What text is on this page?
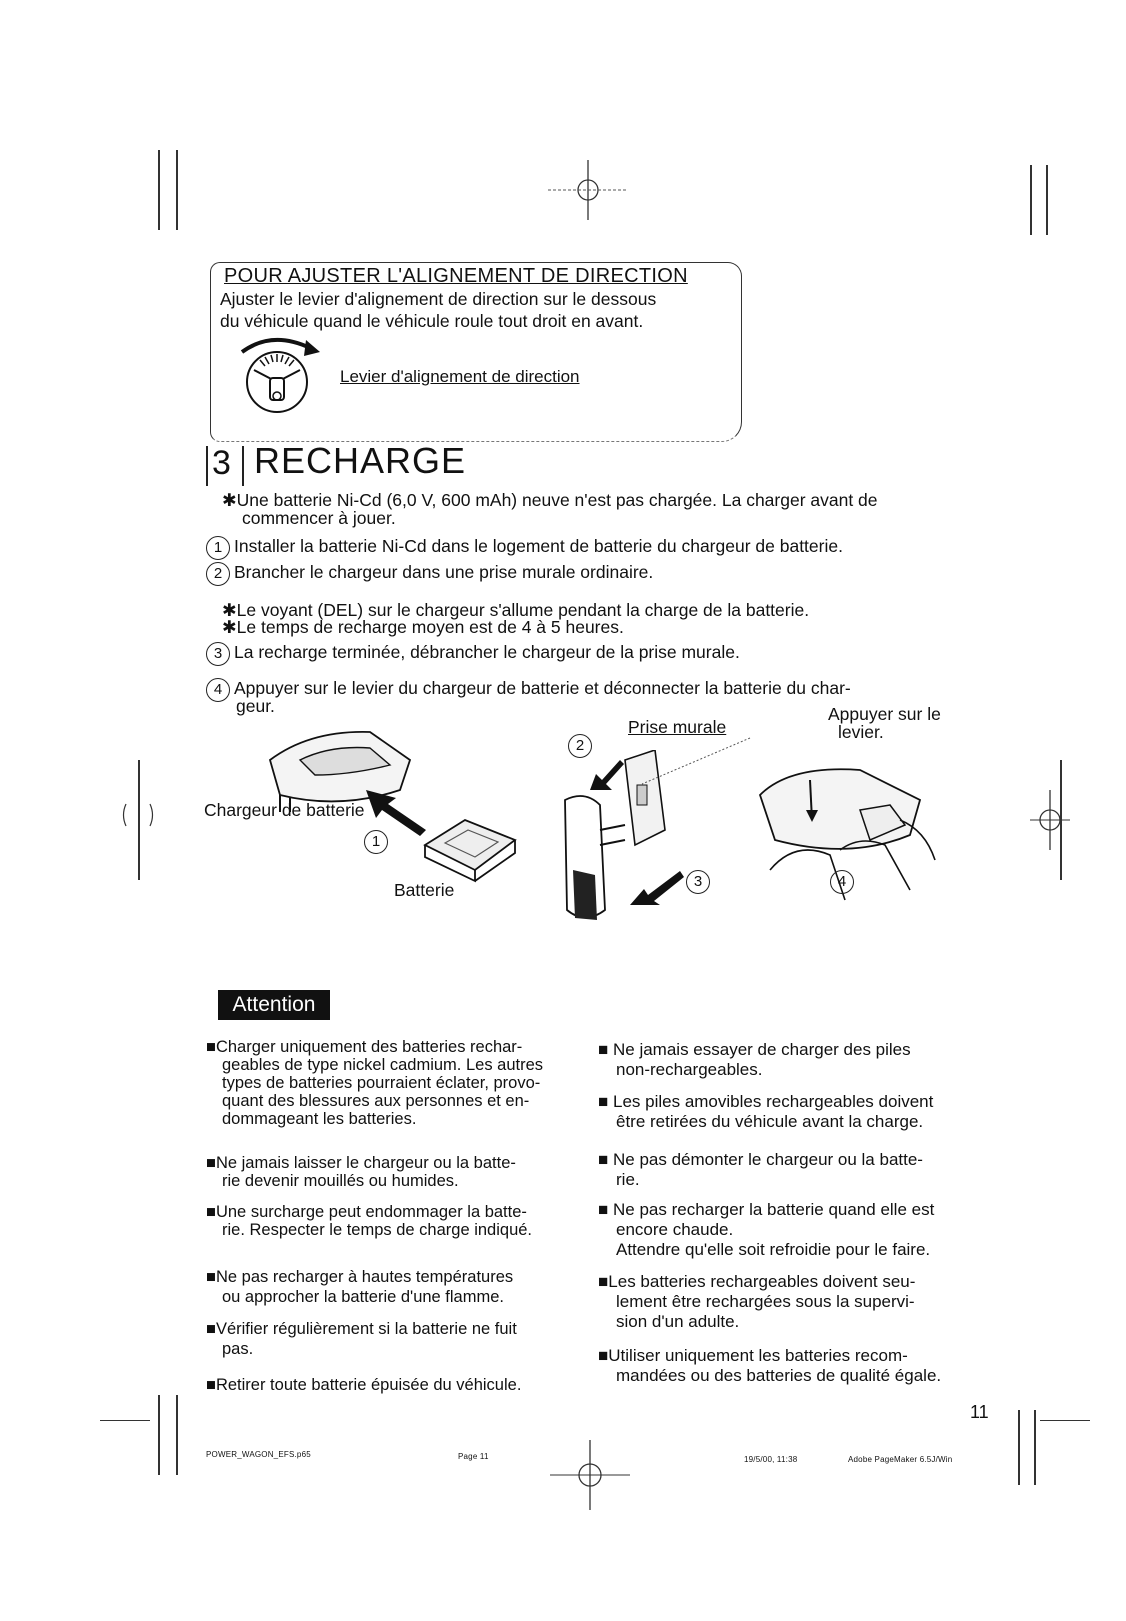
POUR AJUSTER L'ALIGNEMENT DE DIRECTION
Ajuster le levier d'alignement de direction sur le dessous
du véhicule quand le véhicule roule tout droit en avant.
Levier d'alignement de direction
3 RECHARGE
✱Une batterie Ni-Cd (6,0 V, 600 mAh) neuve n'est pas chargée. La charger avant de
commencer à jouer.
1 Installer la batterie Ni-Cd dans le logement de batterie du chargeur de batterie.
2 Brancher le chargeur dans une prise murale ordinaire.
✱Le voyant (DEL) sur le chargeur s'allume pendant la charge de la batterie.
✱Le temps de recharge moyen est de 4 à 5 heures.
3 La recharge terminée, débrancher le chargeur de la prise murale.
4 Appuyer sur le levier du chargeur de batterie et déconnecter la batterie du char-
geur.
Chargeur de batterie
1
Batterie
2
3
Prise murale
Appuyer sur le
levier.
4
Attention
■Charger uniquement des batteries rechar-
geables de type nickel cadmium. Les autres
types de batteries pourraient éclater, provo-
quant des blessures aux personnes et en-
dommageant les batteries.
■Ne jamais laisser le chargeur ou la batte-
rie devenir mouillés ou humides.
■Une surcharge peut endommager la batte-
rie. Respecter le temps de charge indiqué.
■Ne pas recharger à hautes températures
ou approcher la batterie d'une flamme.
■Vérifier régulièrement si la batterie ne fuit
pas.
■Retirer toute batterie épuisée du véhicule.
■ Ne jamais essayer de charger des piles
non-rechargeables.
■ Les piles amovibles rechargeables doivent
être retirées du véhicule avant la charge.
■ Ne pas démonter le chargeur ou la batte-
rie.
■ Ne pas recharger la batterie quand elle est
encore chaude.
Attendre qu'elle soit refroidie pour le faire.
■Les batteries rechargeables doivent seu-
lement être rechargées sous la supervi-
sion d'un adulte.
■Utiliser uniquement les batteries recom-
mandées ou des batteries de qualité égale.
11
POWER_WAGON_EFS.p65	Page 11	19/5/00, 11:38	Adobe PageMaker 6.5J/Win
